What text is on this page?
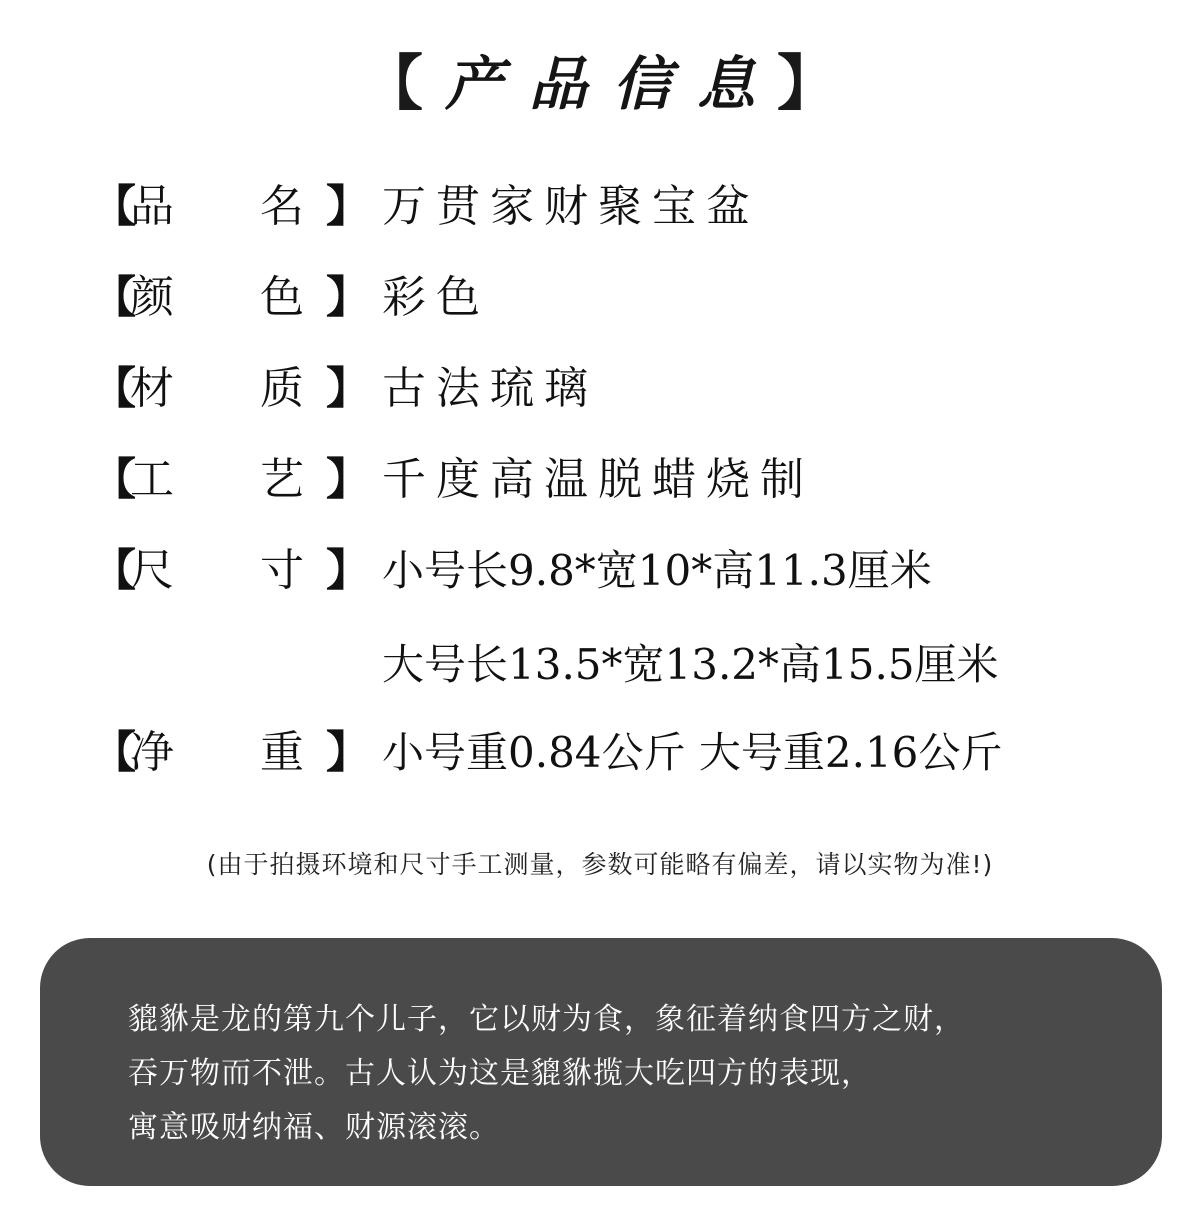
【 产品信息
】
【
品	名 】 万贯家财聚宝盆
【
颜	色 】 彩色
【
材	质 】 古法琉璃
【
工	艺 】 千度高温脱蜡烧制
【
尺	寸 】 小号长9.8*宽10*高11.3厘米
大号长13.5*宽13.2*高15.5厘米
【
净	重 】 小号重0.84公斤 大号重2.16公斤
(由于拍摄环境和尺寸手工测量，参数可能略有偏差，请以实物为准!)
貔貅是龙的第九个儿子，它以财为食，象征着纳食四方之财，
吞万物而不泄。古人认为这是貔貅揽大吃四方的表现，
寓意吸财纳福、财源滚滚。
